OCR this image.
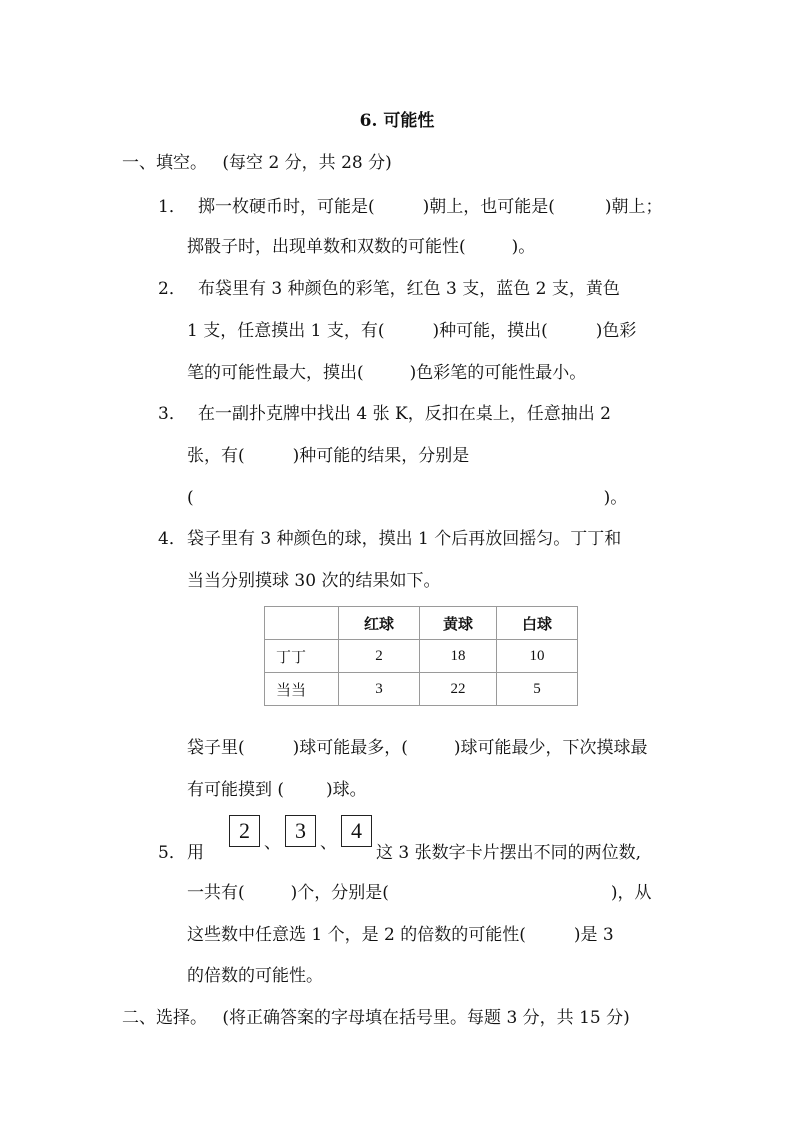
6. 可能性
一、填空。 (每空 2 分，共 28 分)
1． 掷一枚硬币时，可能是(	)朝上，也可能是(	)朝上；
掷骰子时，出现单数和双数的可能性(	)。
2． 布袋里有 3 种颜色的彩笔，红色 3 支，蓝色 2 支，黄色
1 支，任意摸出 1 支，有(	)种可能，摸出(	)色彩
笔的可能性最大，摸出(	)色彩笔的可能性最小。
3． 在一副扑克牌中找出 4 张 K，反扣在桌上，任意抽出 2
张，有(	)种可能的结果，分别是
(	)。
4． 袋子里有 3 种颜色的球，摸出 1 个后再放回摇匀。丁丁和
当当分别摸球 30 次的结果如下。
	红球	黄球	白球
丁丁	2	18	10
当当	3	22	5
袋子里(	)球可能最多，(	)球可能最少，下次摸球最
有可能摸到 ( )球。
5． 用
2 、 3 、 4
这 3 张数字卡片摆出不同的两位数,
一共有(	)个，分别是(	)，从
这些数中任意选 1 个，是 2 的倍数的可能性(	)是 3
的倍数的可能性。
二、选择。 (将正确答案的字母填在括号里。每题 3 分，共 15 分)
